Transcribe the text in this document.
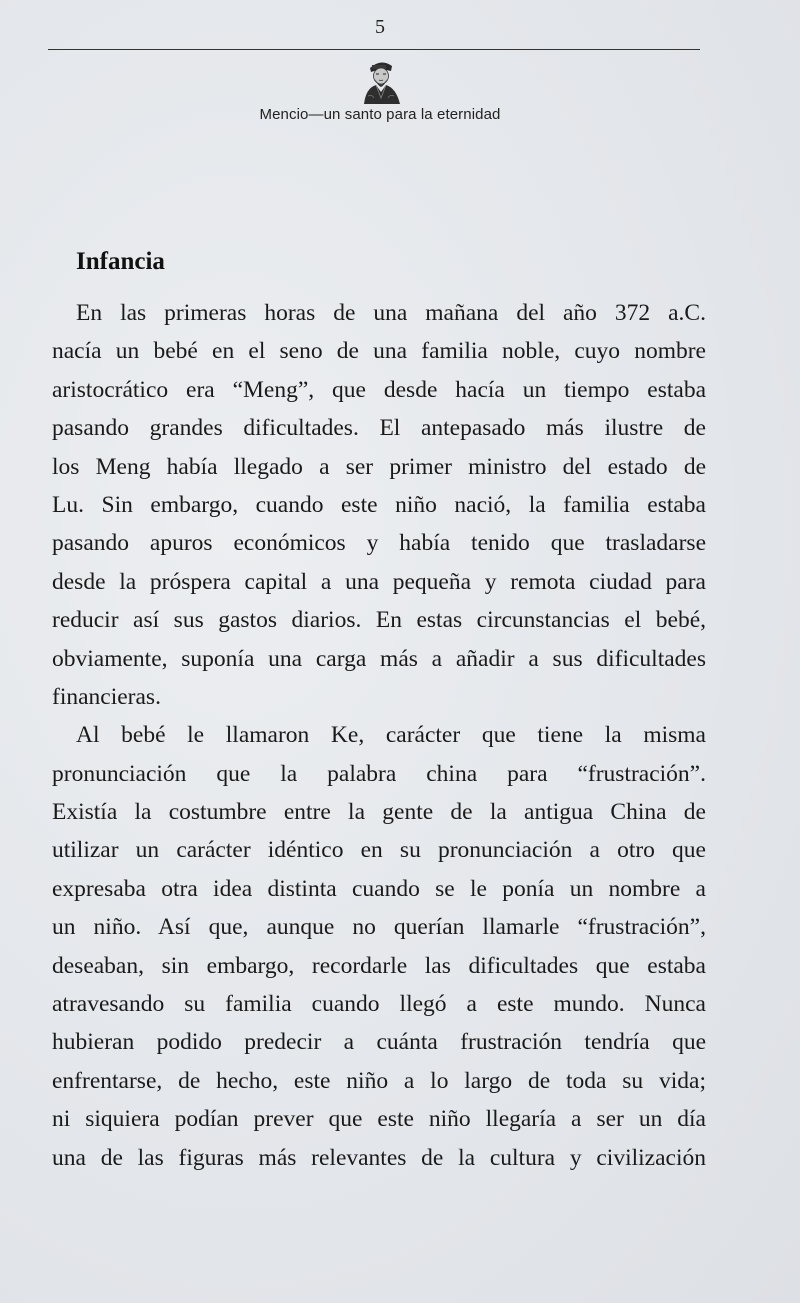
5
Mencio—un santo para la eternidad
Infancia
En las primeras horas de una mañana del año 372 a.C.
nacía un bebé en el seno de una familia noble, cuyo nombre
aristocrático era “Meng”, que desde hacía un tiempo estaba
pasando grandes dificultades. El antepasado más ilustre de
los Meng había llegado a ser primer ministro del estado de
Lu. Sin embargo, cuando este niño nació, la familia estaba
pasando apuros económicos y había tenido que trasladarse
desde la próspera capital a una pequeña y remota ciudad para
reducir así sus gastos diarios. En estas circunstancias el bebé,
obviamente, suponía una carga más a añadir a sus dificultades
financieras.
Al bebé le llamaron Ke, carácter que tiene la misma
pronunciación que la palabra china para “frustración”.
Existía la costumbre entre la gente de la antigua China de
utilizar un carácter idéntico en su pronunciación a otro que
expresaba otra idea distinta cuando se le ponía un nombre a
un niño. Así que, aunque no querían llamarle “frustración”,
deseaban, sin embargo, recordarle las dificultades que estaba
atravesando su familia cuando llegó a este mundo. Nunca
hubieran podido predecir a cuánta frustración tendría que
enfrentarse, de hecho, este niño a lo largo de toda su vida;
ni siquiera podían prever que este niño llegaría a ser un día
una de las figuras más relevantes de la cultura y civilización
